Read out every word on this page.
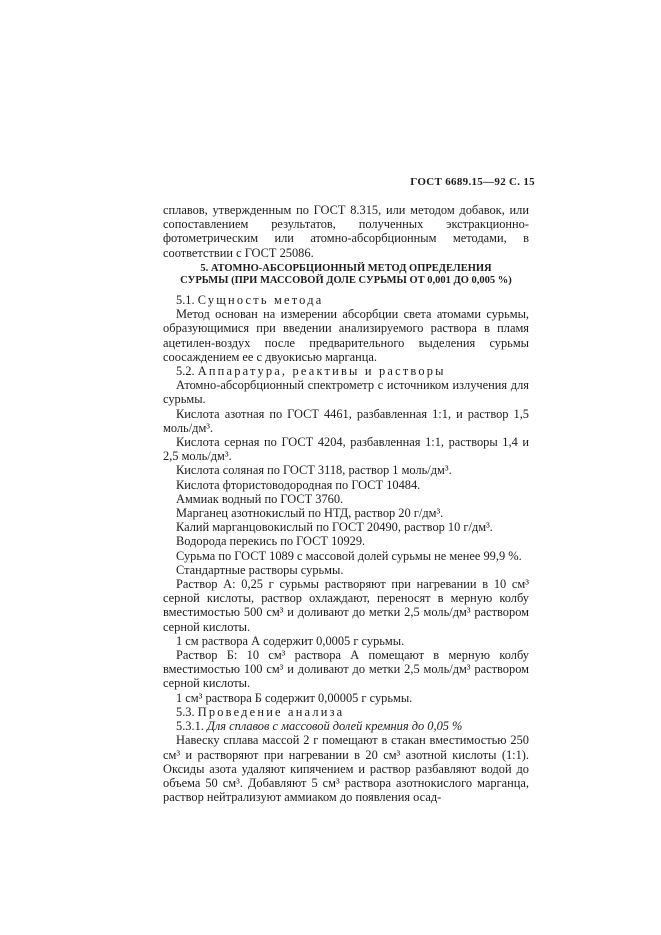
ГОСТ 6689.15—92 С. 15

сплавов, утвержденным по ГОСТ 8.315, или методом добавок, или сопоставлением результатов, полученных экстракционно-фотометрическим или атомно-абсорбционным методами, в соответствии с ГОСТ 25086.

5. АТОМНО-АБСОРБЦИОННЫЙ МЕТОД ОПРЕДЕЛЕНИЯ

СУРЬМЫ (ПРИ МАССОВОЙ ДОЛЕ СУРЬМЫ ОТ 0,001 ДО 0,005 %)

5.1. Сущность метода

Метод основан на измерении абсорбции света атомами сурьмы, образующимися при введении анализируемого раствора в пламя ацетилен-воздух после предварительного выделения сурьмы соосаждением ее с двуокисью марганца.

5.2. Аппаратура, реактивы и растворы

Атомно-абсорбционный спектрометр с источником излучения для сурьмы.

Кислота азотная по ГОСТ 4461, разбавленная 1:1, и раствор 1,5 моль/дм³.

Кислота серная по ГОСТ 4204, разбавленная 1:1, растворы 1,4 и 2,5 моль/дм³.

Кислота соляная по ГОСТ 3118, раствор 1 моль/дм³.

Кислота фтористоводородная по ГОСТ 10484.

Аммиак водный по ГОСТ 3760.

Марганец азотнокислый по НТД, раствор 20 г/дм³.

Калий марганцовокислый по ГОСТ 20490, раствор 10 г/дм³.

Водорода перекись по ГОСТ 10929.

Сурьма по ГОСТ 1089 с массовой долей сурьмы не менее 99,9 %.

Стандартные растворы сурьмы.

Раствор А: 0,25 г сурьмы растворяют при нагревании в 10 см³ серной кислоты, раствор охлаждают, переносят в мерную колбу вместимостью 500 см³ и доливают до метки 2,5 моль/дм³ раствором серной кислоты.

1 см раствора А содержит 0,0005 г сурьмы.

Раствор Б: 10 см³ раствора А помещают в мерную колбу вместимостью 100 см³ и доливают до метки 2,5 моль/дм³ раствором серной кислоты.

1 см³ раствора Б содержит 0,00005 г сурьмы.

5.3. Проведение анализа

5.3.1. Для сплавов с массовой долей кремния до 0,05 %

Навеску сплава массой 2 г помещают в стакан вместимостью 250 см³ и растворяют при нагревании в 20 см³ азотной кислоты (1:1). Оксиды азота удаляют кипячением и раствор разбавляют водой до объема 50 см³. Добавляют 5 см³ раствора азотнокислого марганца, раствор нейтрализуют аммиаком до появления осад-
